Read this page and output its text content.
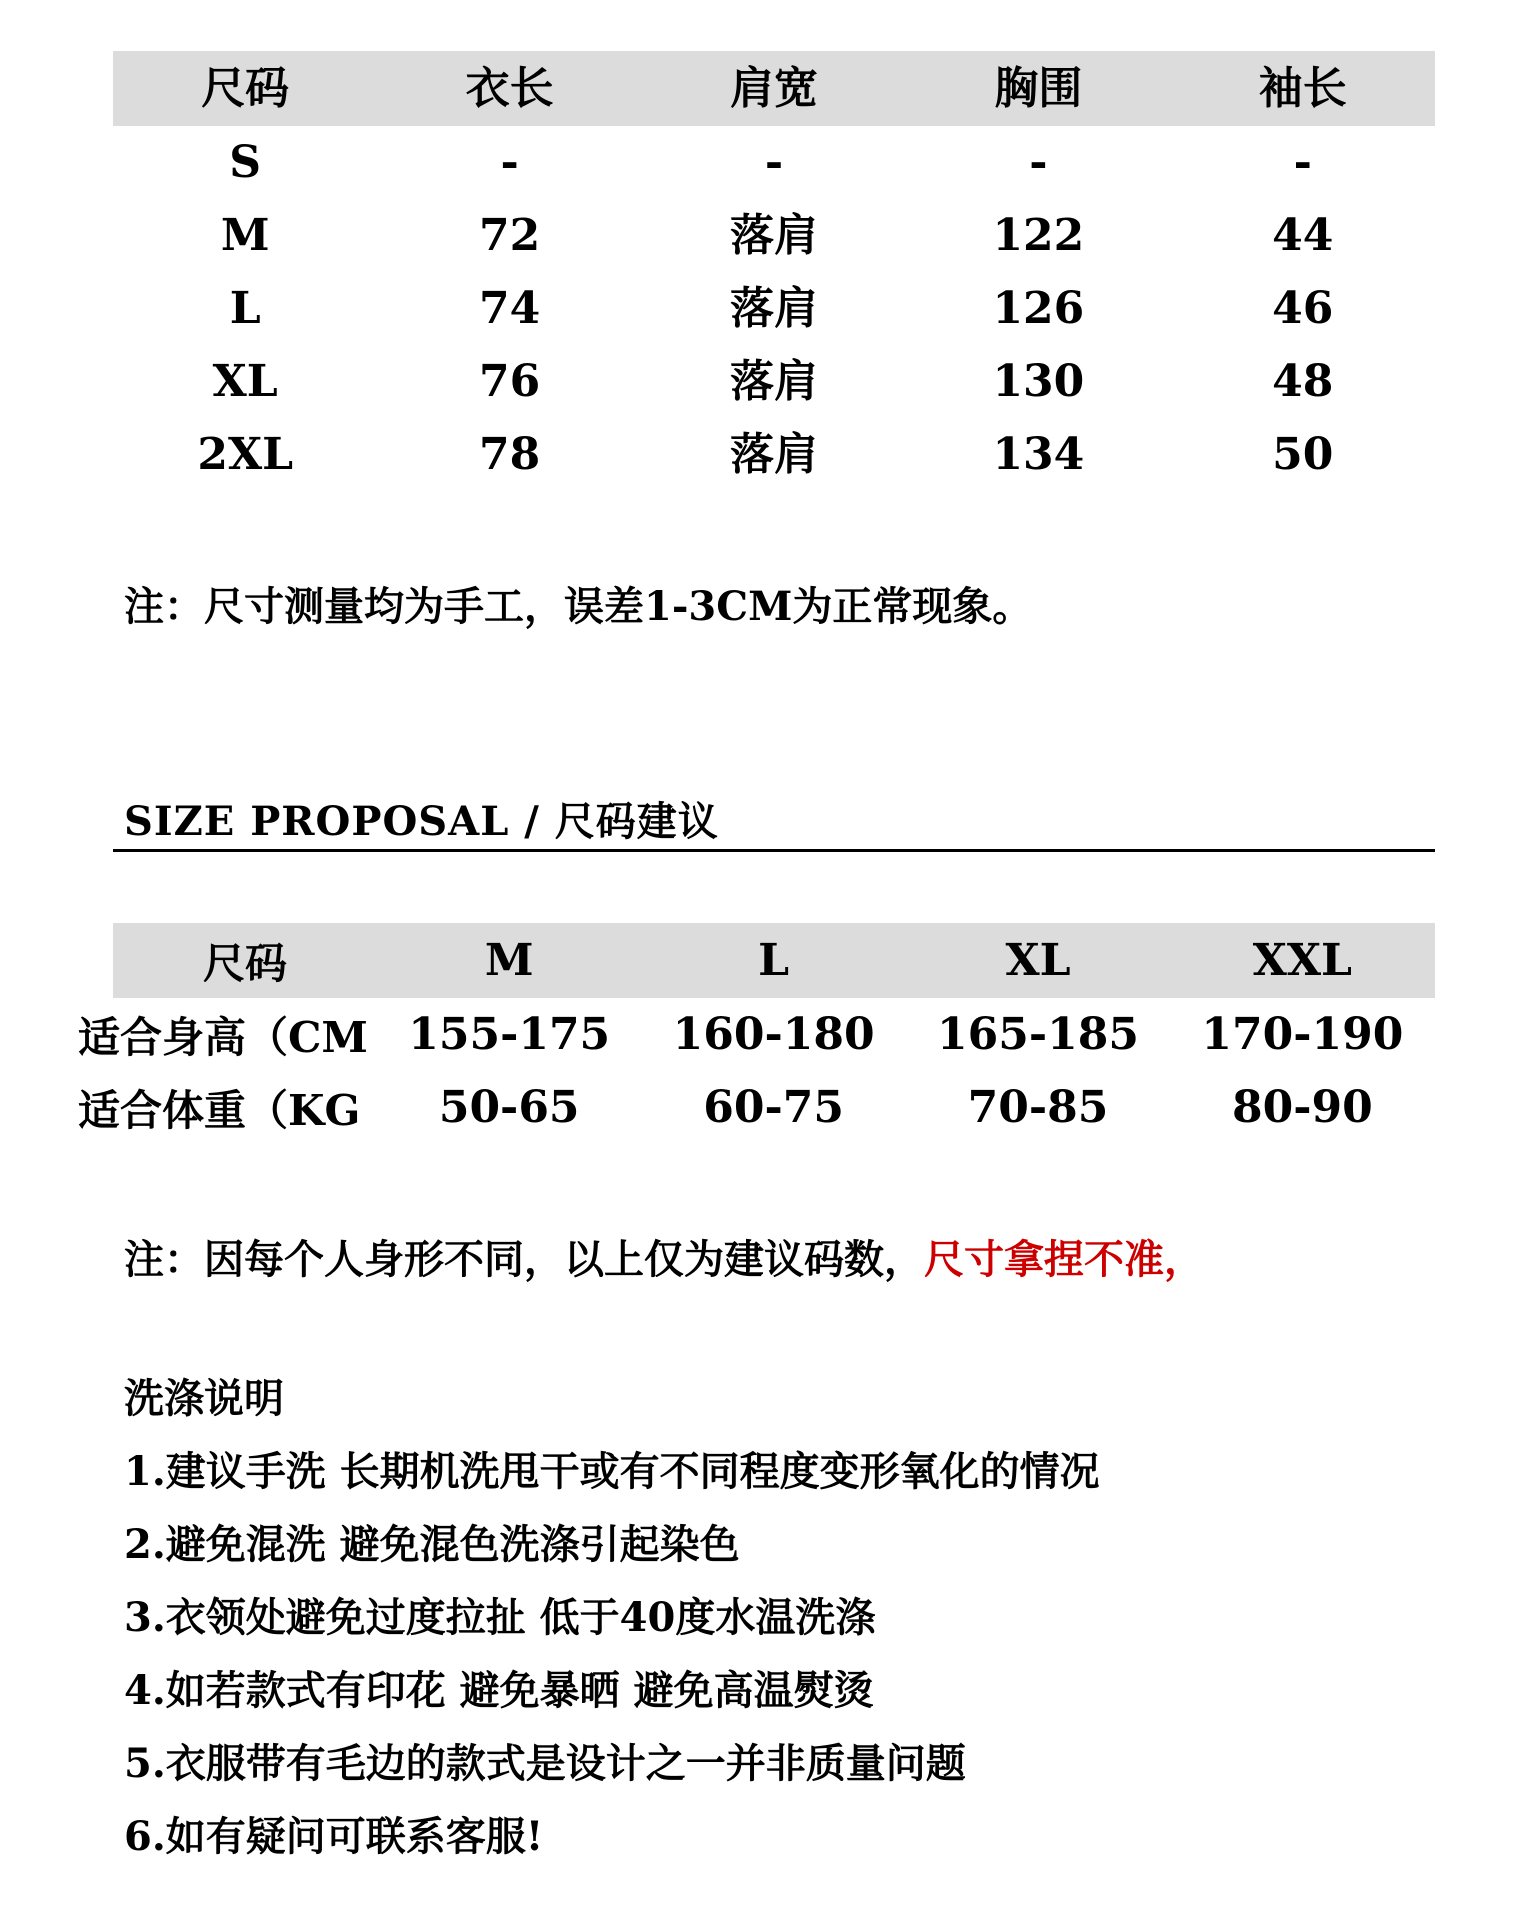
尺码	衣长	肩宽	胸围	袖长
S	-	-	-	-
M	72	落肩	122	44
L	74	落肩	126	46
XL	76	落肩	130	48
2XL	78	落肩	134	50
注：尺寸测量均为手工，误差1-3CM为正常现象。
SIZE PROPOSAL / 尺码建议
尺码	M	L	XL	XXL
适合身高（CM 155-175	160-180	165-185	170-190
适合体重（KG	50-65	60-75	70-85	80-90
注：因每个人身形不同，以上仅为建议码数，尺寸拿捏不准，
洗涤说明
1.建议手洗 长期机洗甩干或有不同程度变形氧化的情况
2.避免混洗 避免混色洗涤引起染色
3.衣领处避免过度拉扯 低于40度水温洗涤
4.如若款式有印花 避免暴晒 避免高温熨烫
5.衣服带有毛边的款式是设计之一并非质量问题
6.如有疑问可联系客服!
